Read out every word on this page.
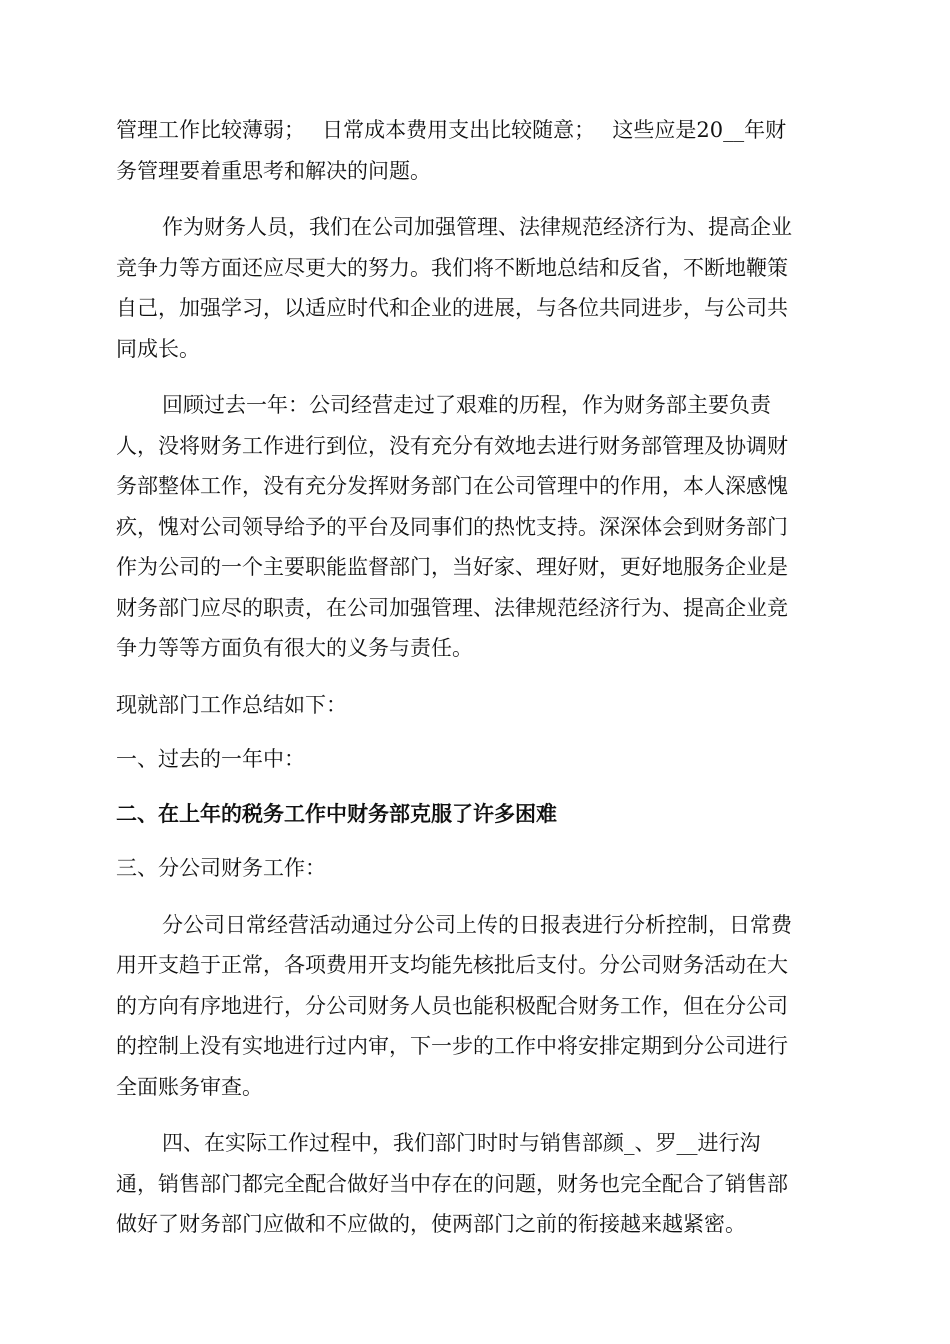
管理工作比较薄弱；　 日常成本费用支出比较随意；　 这些应是20__年财
务管理要着重思考和解决的问题。

作为财务人员，我们在公司加强管理、法律规范经济行为、提高企业
竞争力等方面还应尽更大的努力。我们将不断地总结和反省，不断地鞭策
自己，加强学习，以适应时代和企业的进展，与各位共同进步，与公司共
同成长。

回顾过去一年：公司经营走过了艰难的历程，作为财务部主要负责
人，没将财务工作进行到位，没有充分有效地去进行财务部管理及协调财
务部整体工作，没有充分发挥财务部门在公司管理中的作用，本人深感愧
疚，愧对公司领导给予的平台及同事们的热忱支持。深深体会到财务部门
作为公司的一个主要职能监督部门，当好家、理好财，更好地服务企业是
财务部门应尽的职责，在公司加强管理、法律规范经济行为、提高企业竞
争力等等方面负有很大的义务与责任。

现就部门工作总结如下：

一、过去的一年中：

二、在上年的税务工作中财务部克服了许多困难

三、分公司财务工作：

分公司日常经营活动通过分公司上传的日报表进行分析控制，日常费
用开支趋于正常，各项费用开支均能先核批后支付。分公司财务活动在大
的方向有序地进行，分公司财务人员也能积极配合财务工作，但在分公司
的控制上没有实地进行过内审，下一步的工作中将安排定期到分公司进行
全面账务审查。

四、在实际工作过程中，我们部门时时与销售部颜_、罗__进行沟
通，销售部门都完全配合做好当中存在的问题，财务也完全配合了销售部
做好了财务部门应做和不应做的，使两部门之前的衔接越来越紧密。
